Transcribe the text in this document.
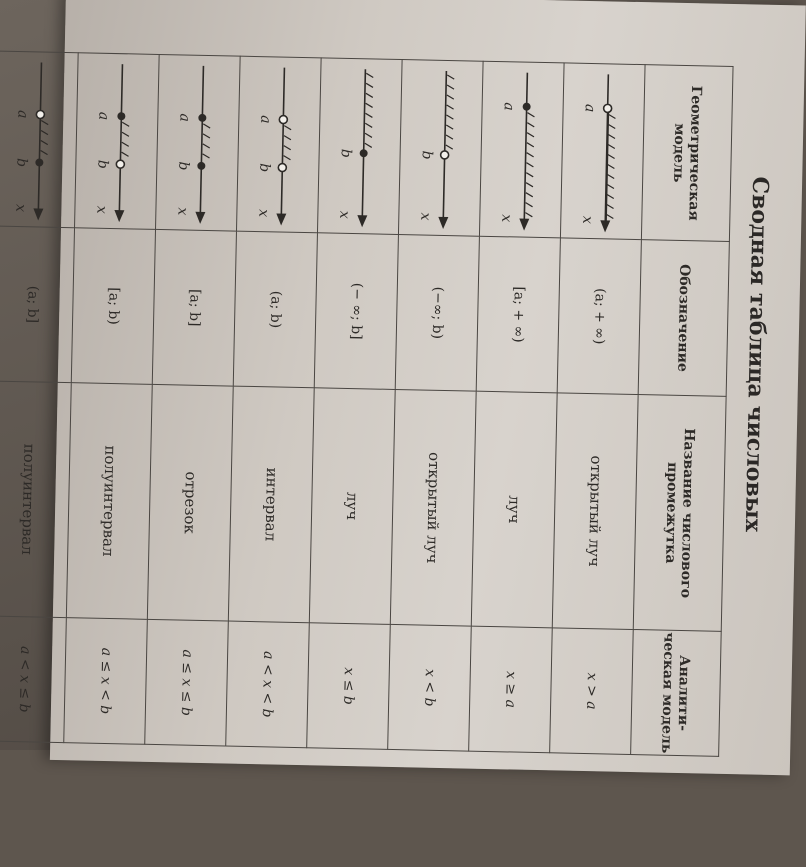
Сводная таблица числовых
Геометрическая модель	Обозначение	Название числового промежутка	Аналити-ческая модель

a
x	(a; + ∞)	открытый луч	x > a

a
x	[a; + ∞)	луч	x ≥ a

b
x	(−∞; b)	открытый луч	x < b

b
x	(− ∞; b]	луч	x ≤ b

a
b
x	(a; b)	интервал	a < x < b

a
b
x	[a; b]	отрезок	a ≤ x ≤ b

a
b
x	[a; b)	полуинтервал	a ≤ x < b

a
b
x	(a; b]	полуинтервал	a < x ≤ b
